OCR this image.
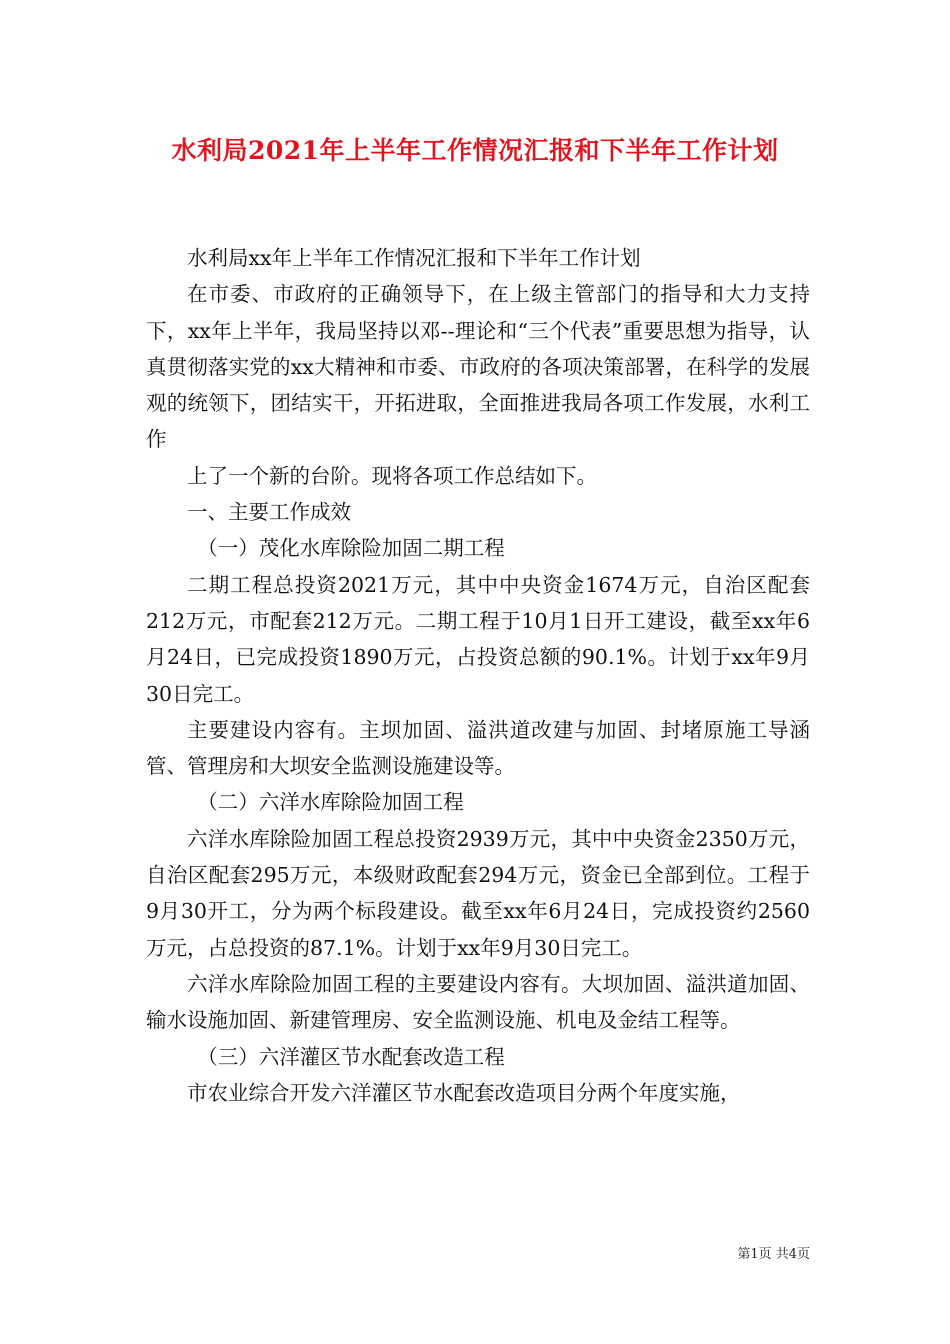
水利局2021年上半年工作情况汇报和下半年工作计划

水利局xx年上半年工作情况汇报和下半年工作计划

在市委、市政府的正确领导下，在上级主管部门的指导和大力支持下，xx年上半年，我局坚持以邓--理论和“三个代表”重要思想为指导，认真贯彻落实党的xx大精神和市委、市政府的各项决策部署，在科学的发展观的统领下，团结实干，开拓进取，全面推进我局各项工作发展，水利工作

上了一个新的台阶。现将各项工作总结如下。

一、主要工作成效

（一）茂化水库除险加固二期工程

二期工程总投资2021万元，其中中央资金1674万元，自治区配套212万元，市配套212万元。二期工程于10月1日开工建设，截至xx年6月24日，已完成投资1890万元，占投资总额的90.1%。计划于xx年9月30日完工。

主要建设内容有。主坝加固、溢洪道改建与加固、封堵原施工导涵管、管理房和大坝安全监测设施建设等。

（二）六洋水库除险加固工程

六洋水库除险加固工程总投资2939万元，其中中央资金2350万元，自治区配套295万元，本级财政配套294万元，资金已全部到位。工程于9月30开工，分为两个标段建设。截至xx年6月24日，完成投资约2560万元，占总投资的87.1%。计划于xx年9月30日完工。

六洋水库除险加固工程的主要建设内容有。大坝加固、溢洪道加固、输水设施加固、新建管理房、安全监测设施、机电及金结工程等。

（三）六洋灌区节水配套改造工程

市农业综合开发六洋灌区节水配套改造项目分两个年度实施，

第1页 共4页
